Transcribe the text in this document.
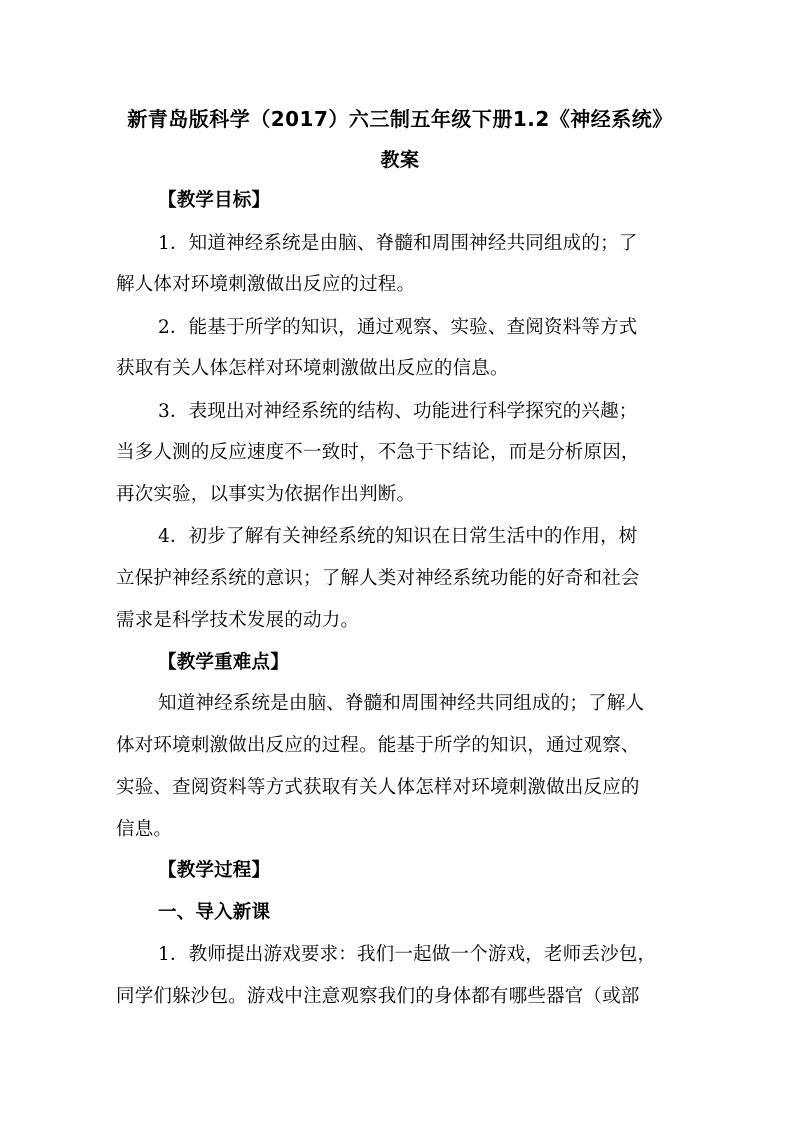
新青岛版科学（2017）六三制五年级下册1.2《神经系统》
教案
【教学目标】
1．知道神经系统是由脑、脊髓和周围神经共同组成的；了
解人体对环境刺激做出反应的过程。
2．能基于所学的知识，通过观察、实验、查阅资料等方式
获取有关人体怎样对环境刺激做出反应的信息。
3．表现出对神经系统的结构、功能进行科学探究的兴趣；
当多人测的反应速度不一致时，不急于下结论，而是分析原因，
再次实验，以事实为依据作出判断。
4．初步了解有关神经系统的知识在日常生活中的作用，树
立保护神经系统的意识；了解人类对神经系统功能的好奇和社会
需求是科学技术发展的动力。
【教学重难点】
知道神经系统是由脑、脊髓和周围神经共同组成的；了解人
体对环境刺激做出反应的过程。能基于所学的知识，通过观察、
实验、查阅资料等方式获取有关人体怎样对环境刺激做出反应的
信息。
【教学过程】
一、导入新课
1．教师提出游戏要求：我们一起做一个游戏，老师丢沙包，
同学们躲沙包。游戏中注意观察我们的身体都有哪些器官（或部
